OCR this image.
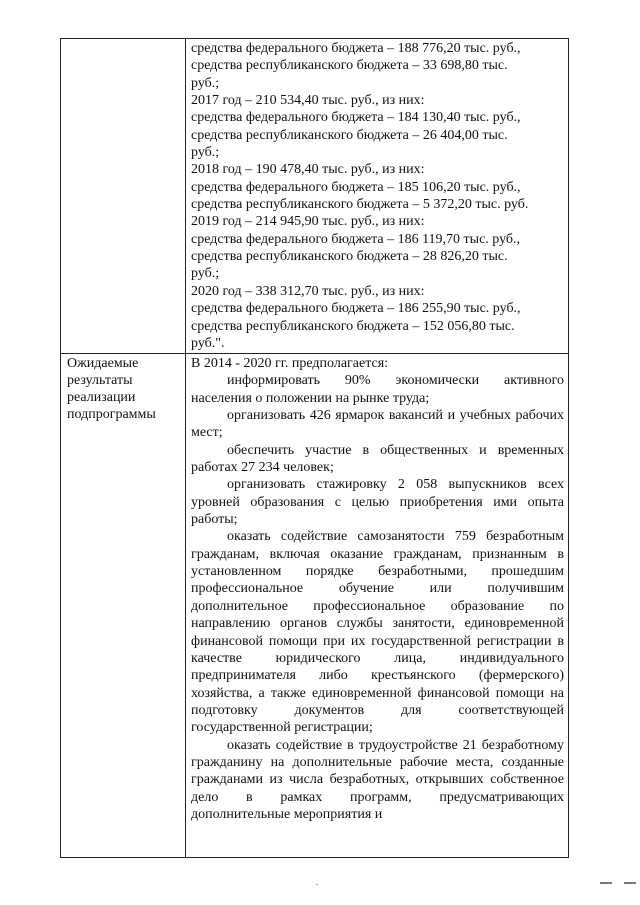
средства федерального бюджета – 188 776,20 тыс. руб.,
средства республиканского бюджета – 33 698,80 тыс.
руб.;
2017 год – 210 534,40 тыс. руб., из них:
средства федерального бюджета – 184 130,40 тыс. руб.,
средства республиканского бюджета – 26 404,00 тыс.
руб.;
2018 год – 190 478,40 тыс. руб., из них:
средства федерального бюджета – 185 106,20 тыс. руб.,
средства республиканского бюджета – 5 372,20 тыс. руб.
2019 год – 214 945,90 тыс. руб., из них:
средства федерального бюджета – 186 119,70 тыс. руб.,
средства республиканского бюджета – 28 826,20 тыс.
руб.;
2020 год – 338 312,70 тыс. руб., из них:
средства федерального бюджета – 186 255,90 тыс. руб.,
средства республиканского бюджета – 152 056,80 тыс.
руб.".
Ожидаемые результаты реализации подпрограммы
В 2014 - 2020 гг. предполагается:
информировать 90% экономически активного населения о положении на рынке труда;
организовать 426 ярмарок вакансий и учебных рабочих мест;
обеспечить участие в общественных и временных работах 27 234 человек;
организовать стажировку 2 058 выпускников всех уровней образования с целью приобретения ими опыта работы;
оказать содействие самозанятости 759 безработным гражданам, включая оказание гражданам, признанным в установленном порядке безработными, прошедшим профессиональное обучение или получившим дополнительное профессиональное образование по направлению органов службы занятости, единовременной финансовой помощи при их государственной регистрации в качестве юридического лица, индивидуального предпринимателя либо крестьянского (фермерского) хозяйства, а также единовременной финансовой помощи на подготовку документов для соответствующей государственной регистрации;
оказать содействие в трудоустройстве 21 безработному гражданину на дополнительные рабочие места, созданные гражданами из числа безработных, открывших собственное дело в рамках программ, предусматривающих дополнительные мероприятия и
